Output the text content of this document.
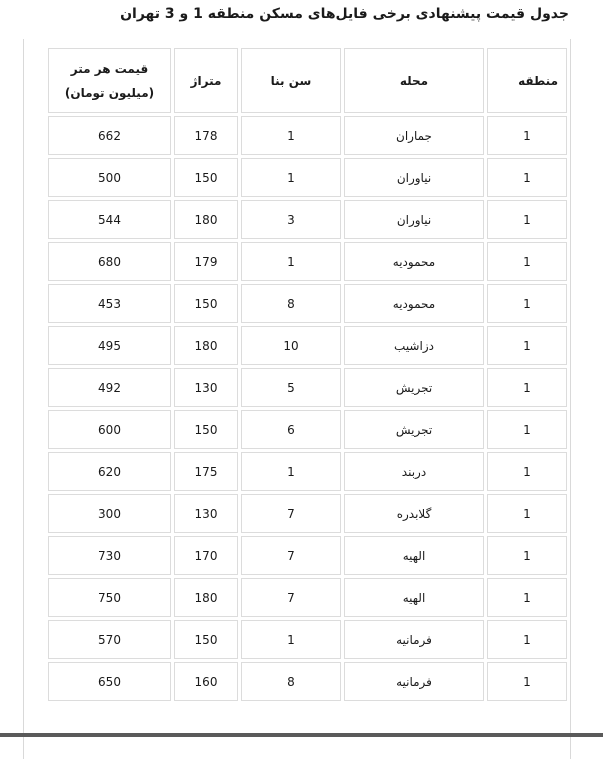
جدول قیمت پیشنهادی برخی فایل‌های مسکن منطقه 1 و 3 تهران
منطقه	محله	سن بنا	متراژ	قیمت هر متر
(میلیون تومان)

1	جماران	1	178	662
1	نیاوران	1	150	500
1	نیاوران	3	180	544
1	محمودیه	1	179	680
1	محمودیه	8	150	453
1	دزاشیب	10	180	495
1	تجریش	5	130	492
1	تجریش	6	150	600
1	دربند	1	175	620
1	گلابدره	7	130	300
1	الهیه	7	170	730
1	الهیه	7	180	750
1	فرمانیه	1	150	570
1	فرمانیه	8	160	650
